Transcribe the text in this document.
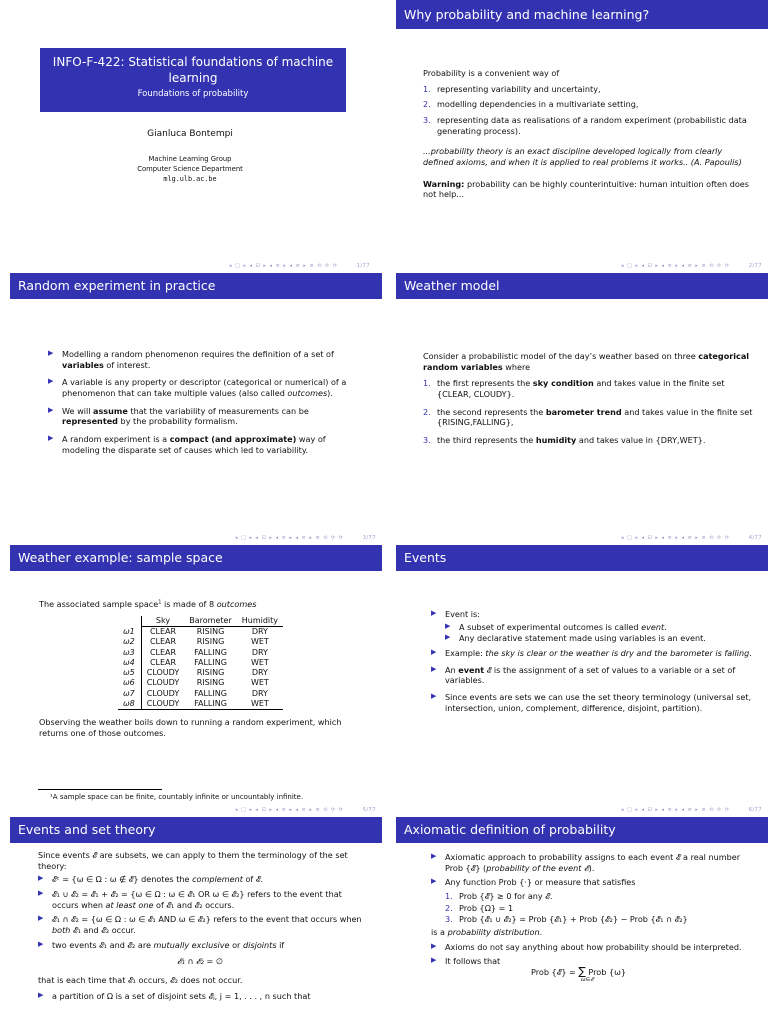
INFO-F-422: Statistical foundations of machine
learning
Foundations of probability
Gianluca Bontempi
Machine Learning Group
Computer Science Department
mlg.ulb.ac.be
◂ □ ▸ ◂ ⊡ ▸ ◂ ≡ ▸ ◂ ≡ ▸ ≡ ⟲ ⟳ ⟳	1/77
Why probability and machine learning?
Probability is a convenient way of
1. representing variability and uncertainty,
2. modelling dependencies in a multivariate setting,
3. representing data as realisations of a random experiment (probabilistic data generating process).
...probability theory is an exact discipline developed logically from clearly defined axioms, and when it is applied to real problems it works.. (A. Papoulis)
Warning: probability can be highly counterintuitive: human intuition often does not help...
◂ □ ▸ ◂ ⊡ ▸ ◂ ≡ ▸ ◂ ≡ ▸ ≡ ⟲ ⟳ ⟳	2/77
Random experiment in practice
▶ Modelling a random phenomenon requires the definition of a set of variables of interest.
▶ A variable is any property or descriptor (categorical or numerical) of a phenomenon that can take multiple values (also called outcomes).
▶ We will assume that the variability of measurements can be represented by the probability formalism.
▶ A random experiment is a compact (and approximate) way of modeling the disparate set of causes which led to variability.
◂ □ ▸ ◂ ⊡ ▸ ◂ ≡ ▸ ◂ ≡ ▸ ≡ ⟲ ⟳ ⟳	3/77
Weather model
Consider a probabilistic model of the day’s weather based on three categorical random variables where
1. the first represents the sky condition and takes value in the finite set {CLEAR, CLOUDY}.
2. the second represents the barometer trend and takes value in the finite set {RISING,FALLING},
3. the third represents the humidity and takes value in {DRY,WET}.
◂ □ ▸ ◂ ⊡ ▸ ◂ ≡ ▸ ◂ ≡ ▸ ≡ ⟲ ⟳ ⟳	4/77
Weather example: sample space
The associated sample space$^1$ is made of 8 outcomes
	Sky	Barometer	Humidity
ω1	CLEAR	RISING	DRY
ω2	CLEAR	RISING	WET
ω3	CLEAR	FALLING	DRY
ω4	CLEAR	FALLING	WET
ω5	CLOUDY	RISING	DRY
ω6	CLOUDY	RISING	WET
ω7	CLOUDY	FALLING	DRY
ω8	CLOUDY	FALLING	WET
Observing the weather boils down to running a random experiment, which returns one of those outcomes.
¹A sample space can be finite, countably infinite or uncountably infinite.
◂ □ ▸ ◂ ⊡ ▸ ◂ ≡ ▸ ◂ ≡ ▸ ≡ ⟲ ⟳ ⟳	5/77
Events
▶ Event is:
▶ A subset of experimental outcomes is called event.
▶ Any declarative statement made using variables is an event.
▶ Example: the sky is clear or the weather is dry and the barometer is falling.
▶ An event 𝓔 is the assignment of a set of values to a variable or a set of variables.
▶ Since events are sets we can use the set theory terminology (universal set, intersection, union, complement, difference, disjoint, partition).
◂ □ ▸ ◂ ⊡ ▸ ◂ ≡ ▸ ◂ ≡ ▸ ≡ ⟲ ⟳ ⟳	6/77
Events and set theory
Since events 𝓔 are subsets, we can apply to them the terminology of the set theory:
▶ 𝓔ᶜ = {ω ∈ Ω : ω ∉ 𝓔} denotes the complement of 𝓔.
▶ 𝓔₁ ∪ 𝓔₂ = 𝓔₁ + 𝓔₂ = {ω ∈ Ω : ω ∈ 𝓔₁ OR ω ∈ 𝓔₂} refers to the event that occurs when at least one of 𝓔₁ and 𝓔₂ occurs.
▶ 𝓔₁ ∩ 𝓔₂ = {ω ∈ Ω : ω ∈ 𝓔₁ AND ω ∈ 𝓔₂} refers to the event that occurs when both 𝓔₁ and 𝓔₂ occur.
▶ two events 𝓔₁ and 𝓔₂ are mutually exclusive or disjoints if
𝓔₁ ∩ 𝓔₂ = ∅
that is each time that 𝓔₁ occurs, 𝓔₂ does not occur.
▶ a partition of Ω is a set of disjoint sets 𝓔ⱼ, j = 1, . . . , n such that
Axiomatic definition of probability
▶ Axiomatic approach to probability assigns to each event 𝓔 a real number Prob {𝓔} (probability of the event 𝓔).
▶ Any function Prob {·} or measure that satisfies
1. Prob {𝓔} ≥ 0 for any 𝓔.
2. Prob {Ω} = 1
3. Prob {𝓔₁ ∪ 𝓔₂} = Prob {𝓔₁} + Prob {𝓔₂} − Prob {𝓔₁ ∩ 𝓔₂}
is a probability distribution.
▶ Axioms do not say anything about how probability should be interpreted.
▶ It follows that
Prob {𝓔} = ∑ Prob {ω}
ω∈𝓔
